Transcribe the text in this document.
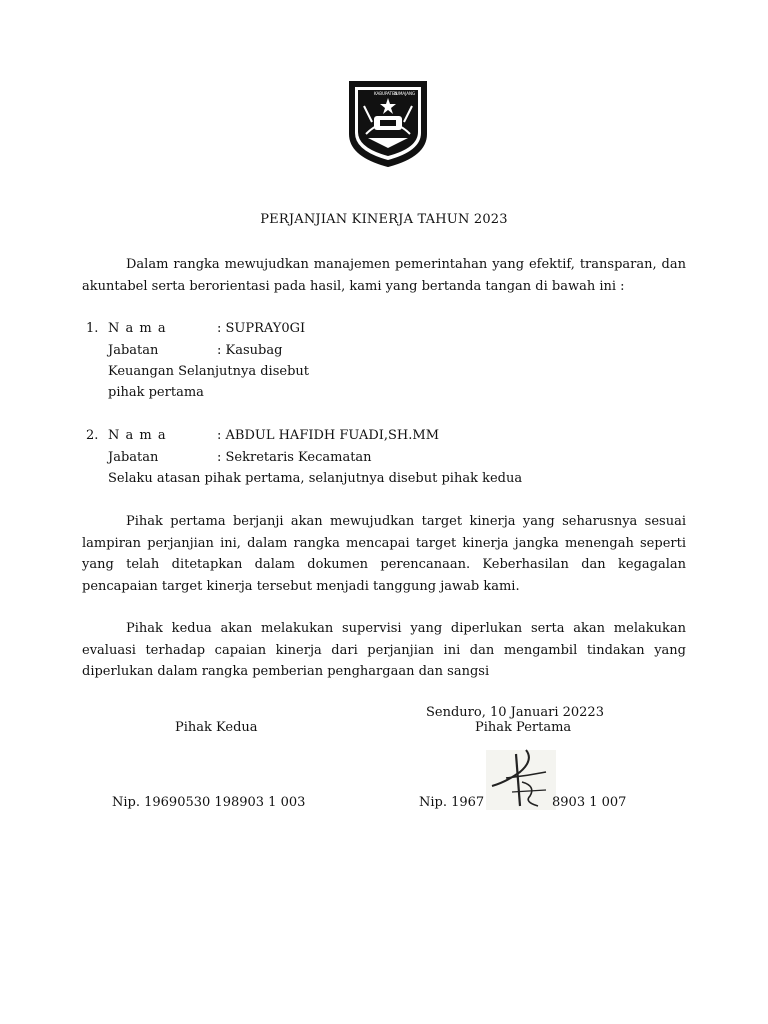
KABUPATEN
LUMAJANG
PERJANJIAN KINERJA TAHUN 2023
Dalam rangka mewujudkan manajemen pemerintahan yang efektif, transparan, dan akuntabel serta berorientasi pada hasil, kami yang bertanda tangan di bawah ini :
1. N a m a	: SUPRAY0GI
Jabatan	: Kasubag
Keuangan Selanjutnya disebut
pihak pertama
2. N a m a	: ABDUL HAFIDH FUADI,SH.MM
Jabatan	: Sekretaris Kecamatan
Selaku atasan pihak pertama, selanjutnya disebut pihak kedua
Pihak pertama berjanji akan mewujudkan target kinerja yang seharusnya sesuai lampiran perjanjian ini, dalam rangka mencapai target kinerja jangka menengah seperti yang telah ditetapkan dalam dokumen perencanaan. Keberhasilan dan kegagalan pencapaian target kinerja tersebut menjadi tanggung jawab kami.
Pihak kedua akan melakukan supervisi yang diperlukan serta akan melakukan evaluasi terhadap capaian kinerja dari perjanjian ini dan mengambil tindakan yang diperlukan dalam rangka pemberian penghargaan dan sangsi
Senduro, 10 Januari 20223
Pihak Kedua	Pihak Pertama
Nip. 19690530 198903 1 003	Nip. 1967	8903 1 007
